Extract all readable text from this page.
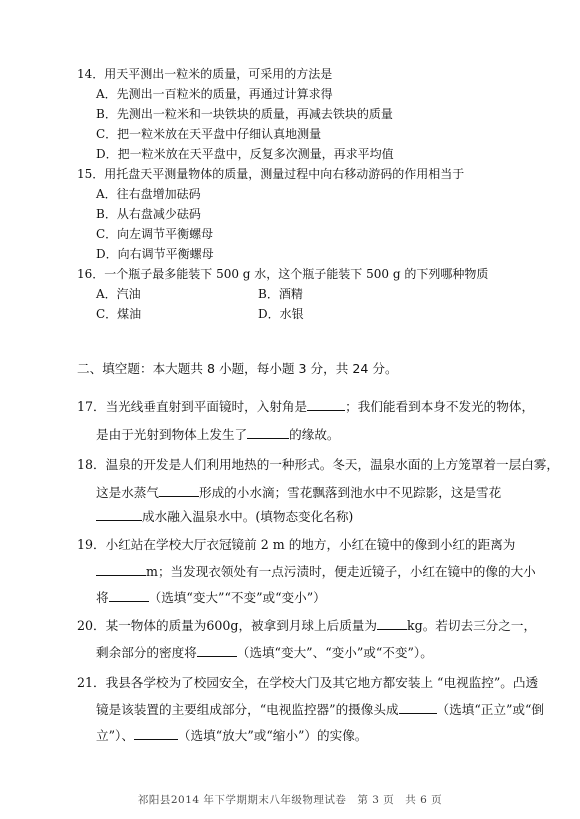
14．用天平测出一粒米的质量，可采用的方法是
A．先测出一百粒米的质量，再通过计算求得
B．先测出一粒米和一块铁块的质量，再减去铁块的质量
C．把一粒米放在天平盘中仔细认真地测量
D．把一粒米放在天平盘中，反复多次测量，再求平均值
15．用托盘天平测量物体的质量，测量过程中向右移动游码的作用相当于
A．往右盘增加砝码
B．从右盘减少砝码
C．向左调节平衡螺母
D．向右调节平衡螺母
16．一个瓶子最多能装下 500 g 水，这个瓶子能装下 500 g 的下列哪种物质
A．汽油	B．酒精
C．煤油	D．水银
二、填空题：本大题共 8 小题，每小题 3 分，共 24 分。
17．当光线垂直射到平面镜时，入射角是	；我们能看到本身不发光的物体，
是由于光射到物体上发生了	的缘故。
18．温泉的开发是人们利用地热的一种形式。冬天，温泉水面的上方笼罩着一层白雾，
这是水蒸气	形成的小水滴；雪花飘落到池水中不见踪影，这是雪花
成水融入温泉水中。(填物态变化名称)
19．小红站在学校大厅衣冠镜前 2 m 的地方，小红在镜中的像到小红的距离为
m；当发现衣领处有一点污渍时，便走近镜子，小红在镜中的像的大小
将	（选填“变大”“不变”或“变小”）
20．某一物体的质量为600g，被拿到月球上后质量为 kg。若切去三分之一，
剩余部分的密度将	（选填“变大”、“变小”或“不变”）。
21．我县各学校为了校园安全，在学校大门及其它地方都安装上 “电视监控”。凸透
镜是该装置的主要组成部分，“电视监控器”的摄像头成	（选填“正立”或“倒
立”）、	（选填“放大”或“缩小”）的实像。
祁阳县2014 年下学期期末八年级物理试卷　第 3 页　共 6 页
